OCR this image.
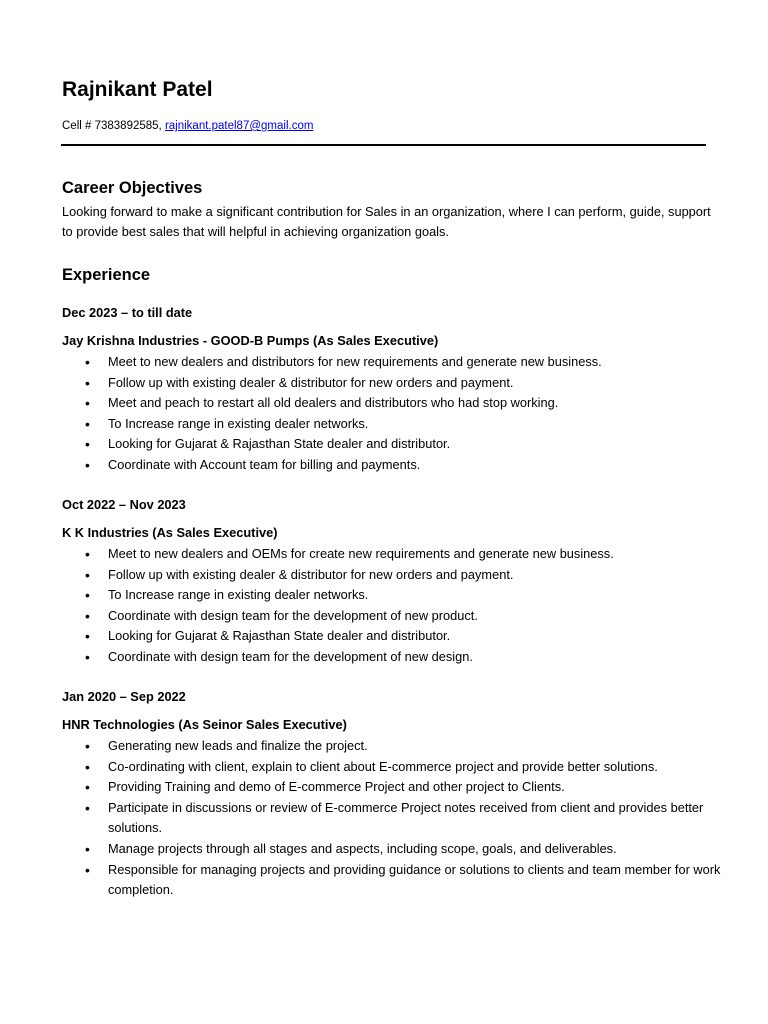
Rajnikant Patel
Cell # 7383892585, rajnikant.patel87@gmail.com
Career Objectives

Looking forward to make a significant contribution for Sales in an organization, where I can perform, guide, support to provide best sales that will helpful in achieving organization goals.

Experience
Dec 2023 – to till date
Jay Krishna Industries - GOOD-B Pumps (As Sales Executive)
• Meet to new dealers and distributors for new requirements and generate new business.
• Follow up with existing dealer & distributor for new orders and payment.
• Meet and peach to restart all old dealers and distributors who had stop working.
• To Increase range in existing dealer networks.
• Looking for Gujarat & Rajasthan State dealer and distributor.
• Coordinate with Account team for billing and payments.
Oct 2022 – Nov 2023
K K Industries (As Sales Executive)
• Meet to new dealers and OEMs for create new requirements and generate new business.
• Follow up with existing dealer & distributor for new orders and payment.
• To Increase range in existing dealer networks.
• Coordinate with design team for the development of new product.
• Looking for Gujarat & Rajasthan State dealer and distributor.
• Coordinate with design team for the development of new design.
Jan 2020 – Sep 2022
HNR Technologies (As Seinor Sales Executive)
• Generating new leads and finalize the project.
• Co-ordinating with client, explain to client about E-commerce project and provide better solutions.
• Providing Training and demo of E-commerce Project and other project to Clients.
• Participate in discussions or review of E-commerce Project notes received from client and provides better solutions.
• Manage projects through all stages and aspects, including scope, goals, and deliverables.
• Responsible for managing projects and providing guidance or solutions to clients and team member for work completion.
